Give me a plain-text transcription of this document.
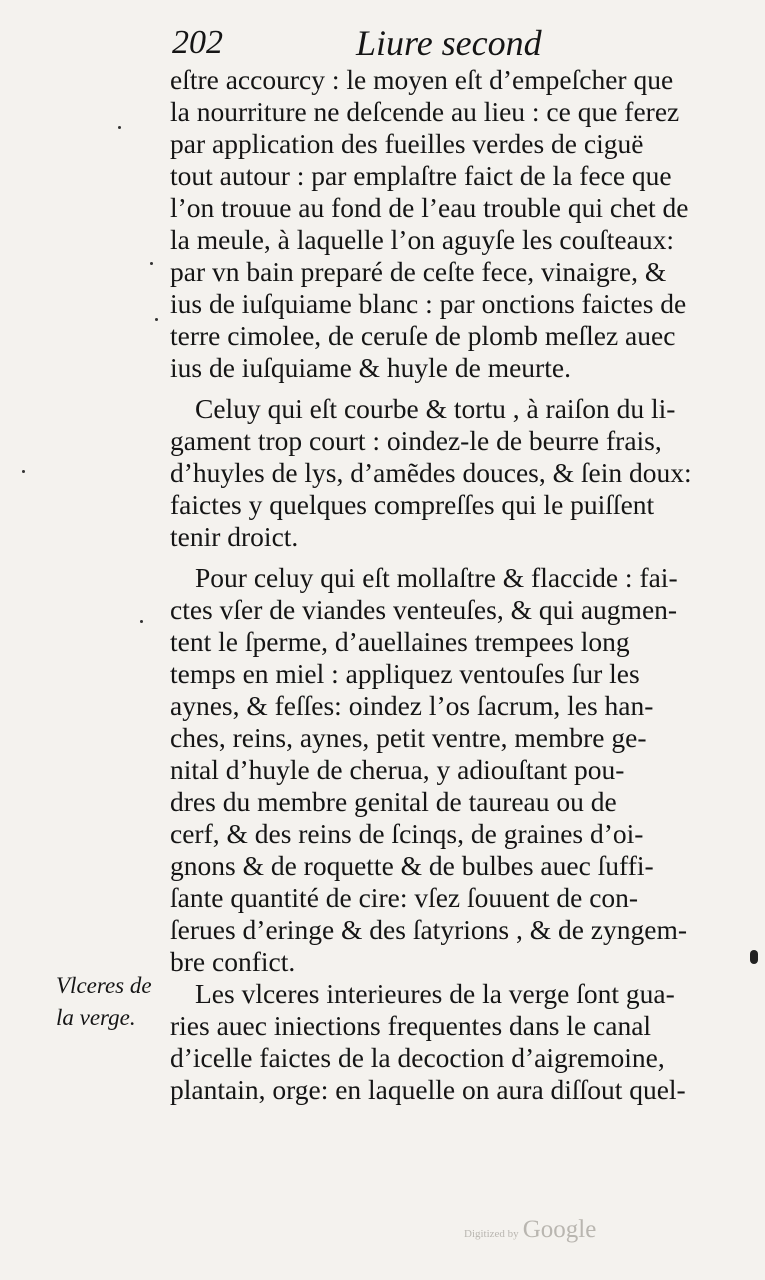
202	Liure second
eſtre accourcy : le moyen eſt d’empeſcher que
la nourriture ne deſcende au lieu : ce que ferez
par application des fueilles verdes de ciguë
tout autour : par emplaſtre faict de la fece que
l’on trouue au fond de l’eau trouble qui chet de
la meule, à laquelle l’on aguyſe les couſteaux:
par vn bain preparé de ceſte fece, vinaigre, &
ius de iuſquiame blanc : par onctions faictes de
terre cimolee, de ceruſe de plomb meſlez auec
ius de iuſquiame & huyle de meurte.
Celuy qui eſt courbe & tortu , à raiſon du li-
gament trop court : oindez-le de beurre frais,
d’huyles de lys, d’amẽdes douces, & ſein doux:
faictes y quelques compreſſes qui le puiſſent
tenir droict.
Pour celuy qui eſt mollaſtre & flaccide : fai-
ctes vſer de viandes venteuſes, & qui augmen-
tent le ſperme, d’auellaines trempees long
temps en miel : appliquez ventouſes ſur les
aynes, & feſſes: oindez l’os ſacrum, les han-
ches, reins, aynes, petit ventre, membre ge-
nital d’huyle de cherua, y adiouſtant pou-
dres du membre genital de taureau ou de
cerf, & des reins de ſcinqs, de graines d’oi-
gnons & de roquette & de bulbes auec ſuffi-
ſante quantité de cire: vſez ſouuent de con-
ſerues d’eringe & des ſatyrions , & de zyngem-
bre confict.
Les vlceres interieures de la verge ſont gua-
ries auec iniections frequentes dans le canal
d’icelle faictes de la decoction d’aigremoine,
plantain, orge: en laquelle on aura diſſout quel-
Vlceres de
la verge.
Digitized by Google
